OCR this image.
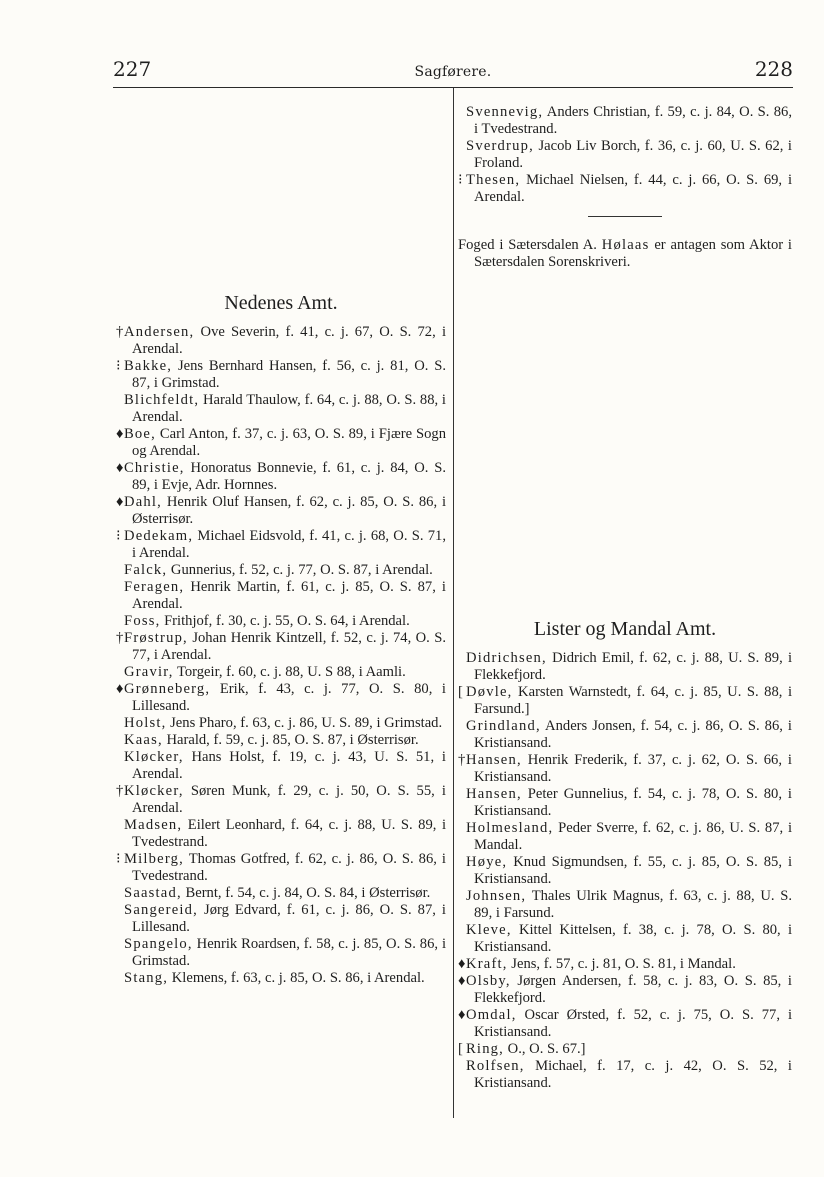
227	Sagførere.	228
Nedenes Amt.
†Andersen, Ove Severin, f. 41, c. j. 67, O. S. 72, i Arendal.
⁝ Bakke, Jens Bernhard Hansen, f. 56, c. j. 81, O. S. 87, i Grimstad.
Blichfeldt, Harald Thaulow, f. 64, c. j. 88, O. S. 88, i Arendal.
♦Boe, Carl Anton, f. 37, c. j. 63, O. S. 89, i Fjære Sogn og Arendal.
♦Christie, Honoratus Bonnevie, f. 61, c. j. 84, O. S. 89, i Evje, Adr. Hornnes.
♦Dahl, Henrik Oluf Hansen, f. 62, c. j. 85, O. S. 86, i Østerrisør.
⁝ Dedekam, Michael Eidsvold, f. 41, c. j. 68, O. S. 71, i Arendal.
Falck, Gunnerius, f. 52, c. j. 77, O. S. 87, i Arendal.
Feragen, Henrik Martin, f. 61, c. j. 85, O. S. 87, i Arendal.
Foss, Frithjof, f. 30, c. j. 55, O. S. 64, i Arendal.
†Frøstrup, Johan Henrik Kintzell, f. 52, c. j. 74, O. S. 77, i Arendal.
Gravir, Torgeir, f. 60, c. j. 88, U. S 88, i Aamli.
♦Grønneberg, Erik, f. 43, c. j. 77, O. S. 80, i Lillesand.
Holst, Jens Pharo, f. 63, c. j. 86, U. S. 89, i Grimstad.
Kaas, Harald, f. 59, c. j. 85, O. S. 87, i Østerrisør.
Kløcker, Hans Holst, f. 19, c. j. 43, U. S. 51, i Arendal.
†Kløcker, Søren Munk, f. 29, c. j. 50, O. S. 55, i Arendal.
Madsen, Eilert Leonhard, f. 64, c. j. 88, U. S. 89, i Tvedestrand.
⁝ Milberg, Thomas Gotfred, f. 62, c. j. 86, O. S. 86, i Tvedestrand.
Saastad, Bernt, f. 54, c. j. 84, O. S. 84, i Østerrisør.
Sangereid, Jørg Edvard, f. 61, c. j. 86, O. S. 87, i Lillesand.
Spangelo, Henrik Roardsen, f. 58, c. j. 85, O. S. 86, i Grimstad.
Stang, Klemens, f. 63, c. j. 85, O. S. 86, i Arendal.
Svennevig, Anders Christian, f. 59, c. j. 84, O. S. 86, i Tvedestrand.
Sverdrup, Jacob Liv Borch, f. 36, c. j. 60, U. S. 62, i Froland.
⁝ Thesen, Michael Nielsen, f. 44, c. j. 66, O. S. 69, i Arendal.
Foged i Sætersdalen A. Hølaas er antagen som Aktor i Sætersdalen Sorenskriveri.
Lister og Mandal Amt.
Didrichsen, Didrich Emil, f. 62, c. j. 88, U. S. 89, i Flekkefjord.
[ Døvle, Karsten Warnstedt, f. 64, c. j. 85, U. S. 88, i Farsund.]
Grindland, Anders Jonsen, f. 54, c. j. 86, O. S. 86, i Kristiansand.
†Hansen, Henrik Frederik, f. 37, c. j. 62, O. S. 66, i Kristiansand.
Hansen, Peter Gunnelius, f. 54, c. j. 78, O. S. 80, i Kristiansand.
Holmesland, Peder Sverre, f. 62, c. j. 86, U. S. 87, i Mandal.
Høye, Knud Sigmundsen, f. 55, c. j. 85, O. S. 85, i Kristiansand.
Johnsen, Thales Ulrik Magnus, f. 63, c. j. 88, U. S. 89, i Farsund.
Kleve, Kittel Kittelsen, f. 38, c. j. 78, O. S. 80, i Kristiansand.
♦Kraft, Jens, f. 57, c. j. 81, O. S. 81, i Mandal.
♦Olsby, Jørgen Andersen, f. 58, c. j. 83, O. S. 85, i Flekkefjord.
♦Omdal, Oscar Ørsted, f. 52, c. j. 75, O. S. 77, i Kristiansand.
[ Ring, O., O. S. 67.]
Rolfsen, Michael, f. 17, c. j. 42, O. S. 52, i Kristiansand.
